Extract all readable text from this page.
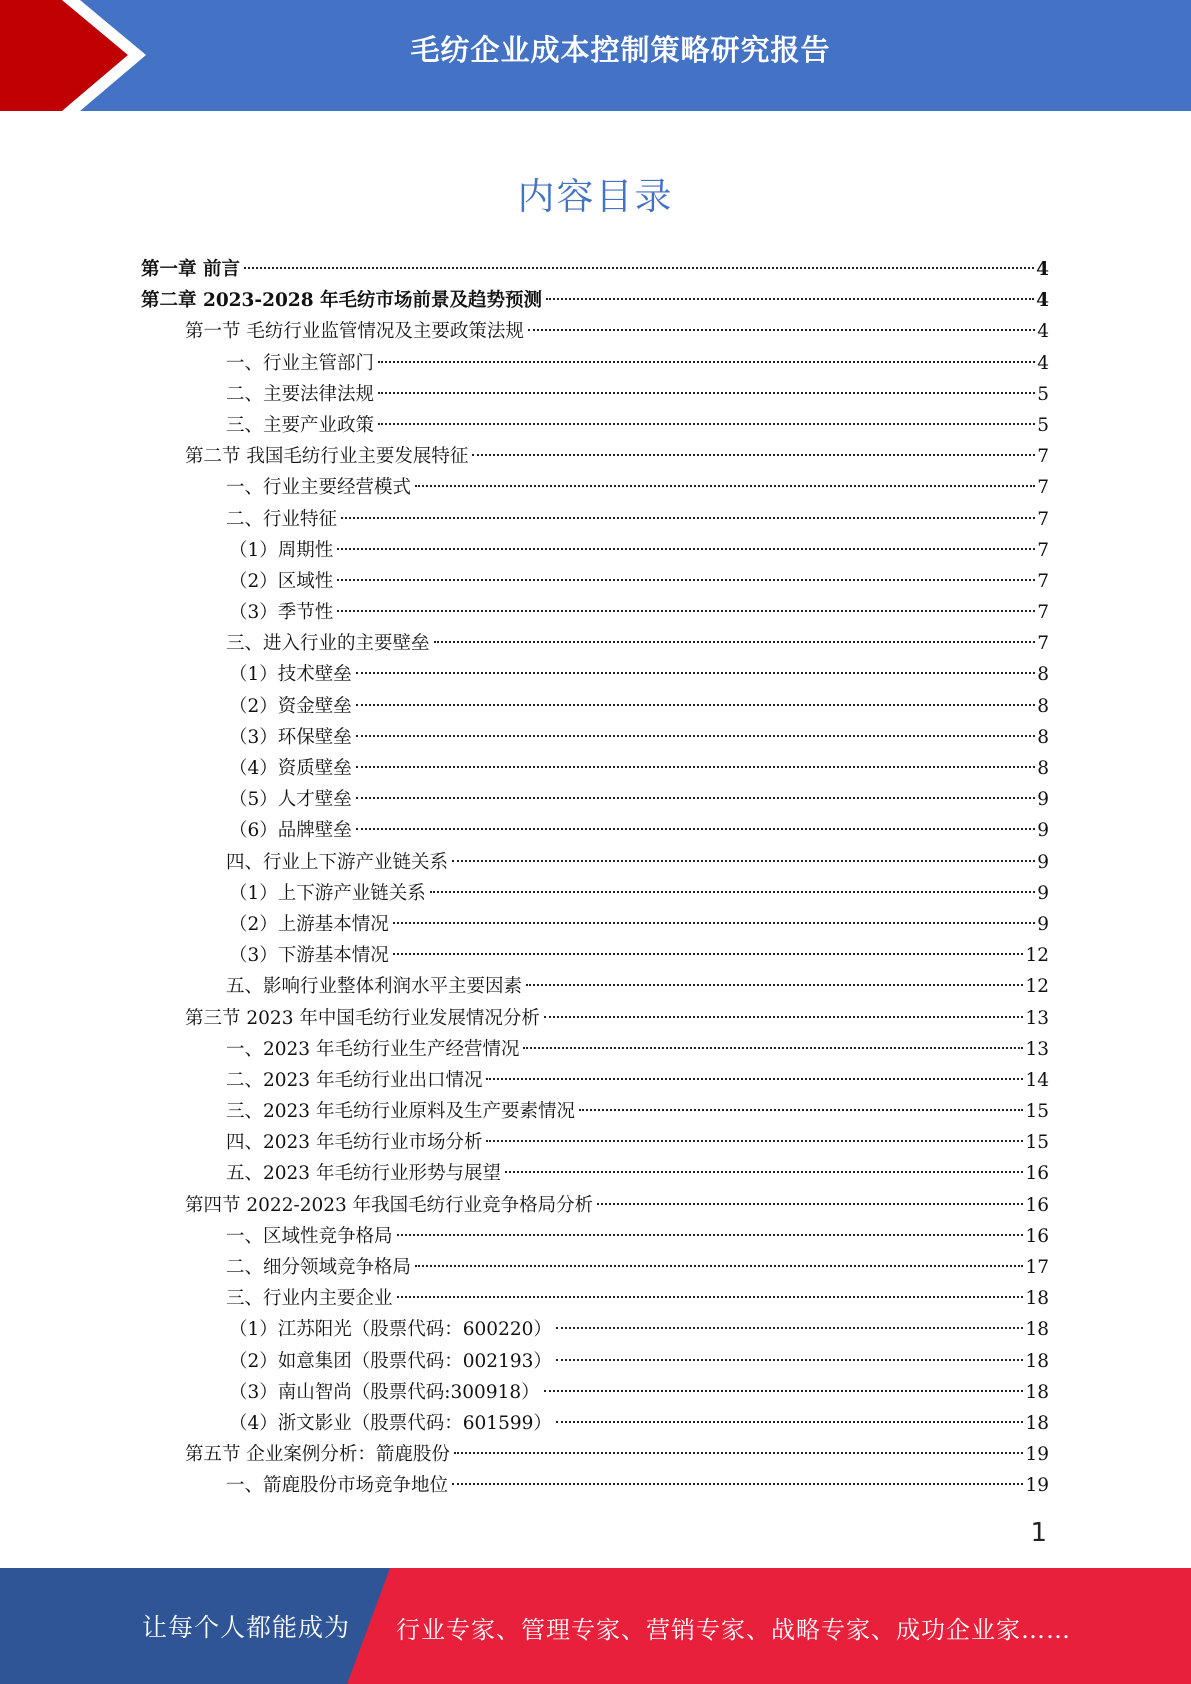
毛纺企业成本控制策略研究报告
内容目录
第一章 前言	4
第二章 2023-2028 年毛纺市场前景及趋势预测	4
第一节 毛纺行业监管情况及主要政策法规	4
一、行业主管部门	4
二、主要法律法规	5
三、主要产业政策	5
第二节 我国毛纺行业主要发展特征	7
一、行业主要经营模式	7
二、行业特征	7
（1）周期性	7
（2）区域性	7
（3）季节性	7
三、进入行业的主要壁垒	7
（1）技术壁垒	8
（2）资金壁垒	8
（3）环保壁垒	8
（4）资质壁垒	8
（5）人才壁垒	9
（6）品牌壁垒	9
四、行业上下游产业链关系	9
（1）上下游产业链关系	9
（2）上游基本情况	9
（3）下游基本情况	12
五、影响行业整体利润水平主要因素	12
第三节 2023 年中国毛纺行业发展情况分析	13
一、2023 年毛纺行业生产经营情况	13
二、2023 年毛纺行业出口情况	14
三、2023 年毛纺行业原料及生产要素情况	15
四、2023 年毛纺行业市场分析	15
五、2023 年毛纺行业形势与展望	16
第四节 2022-2023 年我国毛纺行业竞争格局分析	16
一、区域性竞争格局	16
二、细分领域竞争格局	17
三、行业内主要企业	18
（1）江苏阳光（股票代码：600220）	18
（2）如意集团（股票代码：002193）	18
（3）南山智尚（股票代码:300918）	18
（4）浙文影业（股票代码：601599）	18
第五节 企业案例分析：箭鹿股份	19
一、箭鹿股份市场竞争地位	19
1
让每个人都能成为 行业专家、管理专家、营销专家、战略专家、成功企业家……
